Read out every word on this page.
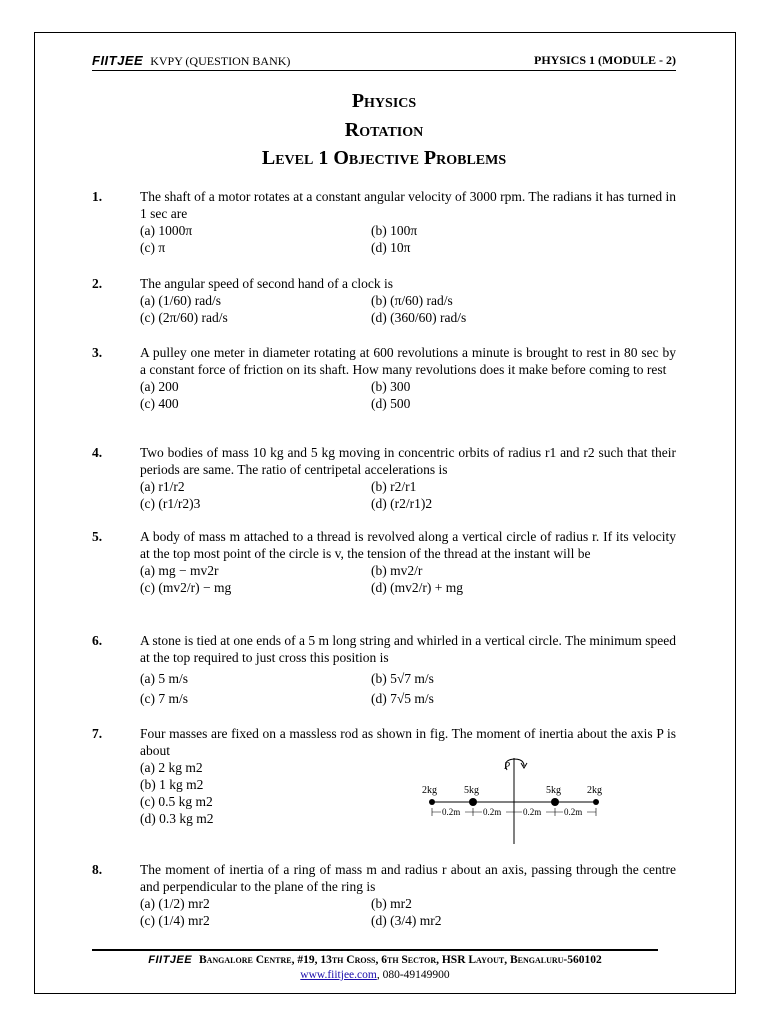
FIITJEE KVPY (QUESTION BANK)	PHYSICS 1 (MODULE - 2)
Physics
Rotation
Level 1 Objective Problems
1.	The shaft of a motor rotates at a constant angular velocity of 3000 rpm. The radians it has turned in 1 sec are
(a) 1000π	(b) 100π
(c) π	(d) 10π
2.	The angular speed of second hand of a clock is
(a) (1/60) rad/s	(b) (π/60) rad/s
(c) (2π/60) rad/s	(d) (360/60) rad/s
3.	A pulley one meter in diameter rotating at 600 revolutions a minute is brought to rest in 80 sec by a constant force of friction on its shaft. How many revolutions does it make before coming to rest
(a) 200	(b) 300
(c) 400	(d) 500
4.	Two bodies of mass 10 kg and 5 kg moving in concentric orbits of radius r1 and r2 such that their periods are same. The ratio of centripetal accelerations is
(a) r1/r2	(b) r2/r1
(c) (r1/r2)3	(d) (r2/r1)2
5.	A body of mass m attached to a thread is revolved along a vertical circle of radius r. If its velocity at the top most point of the circle is v, the tension of the thread at the instant will be
(a) mg − mv2r	(b) mv2/r
(c) (mv2/r) − mg	(d) (mv2/r) + mg
6.	A stone is tied at one ends of a 5 m long string and whirled in a vertical circle. The minimum speed at the top required to just cross this position is
(a) 5 m/s	(b) 5√7 m/s
(c) 7 m/s	(d) 7√5 m/s
7.	Four masses are fixed on a massless rod as shown in fig. The moment of inertia about the axis P is about
(a) 2 kg m2
(b) 1 kg m2
(c) 0.5 kg m2
(d) 0.3 kg m2
P
2kg	5kg	5kg	2kg
0.2m	0.2m 0.2m	0.2m
8.	The moment of inertia of a ring of mass m and radius r about an axis, passing through the centre and perpendicular to the plane of the ring is
(a) (1/2) mr2	(b) mr2
(c) (1/4) mr2	(d) (3/4) mr2
FIITJEE Bangalore Centre, #19, 13th Cross, 6th Sector, HSR Layout, Bengaluru-560102
www.fiitjee.com, 080-49149900
